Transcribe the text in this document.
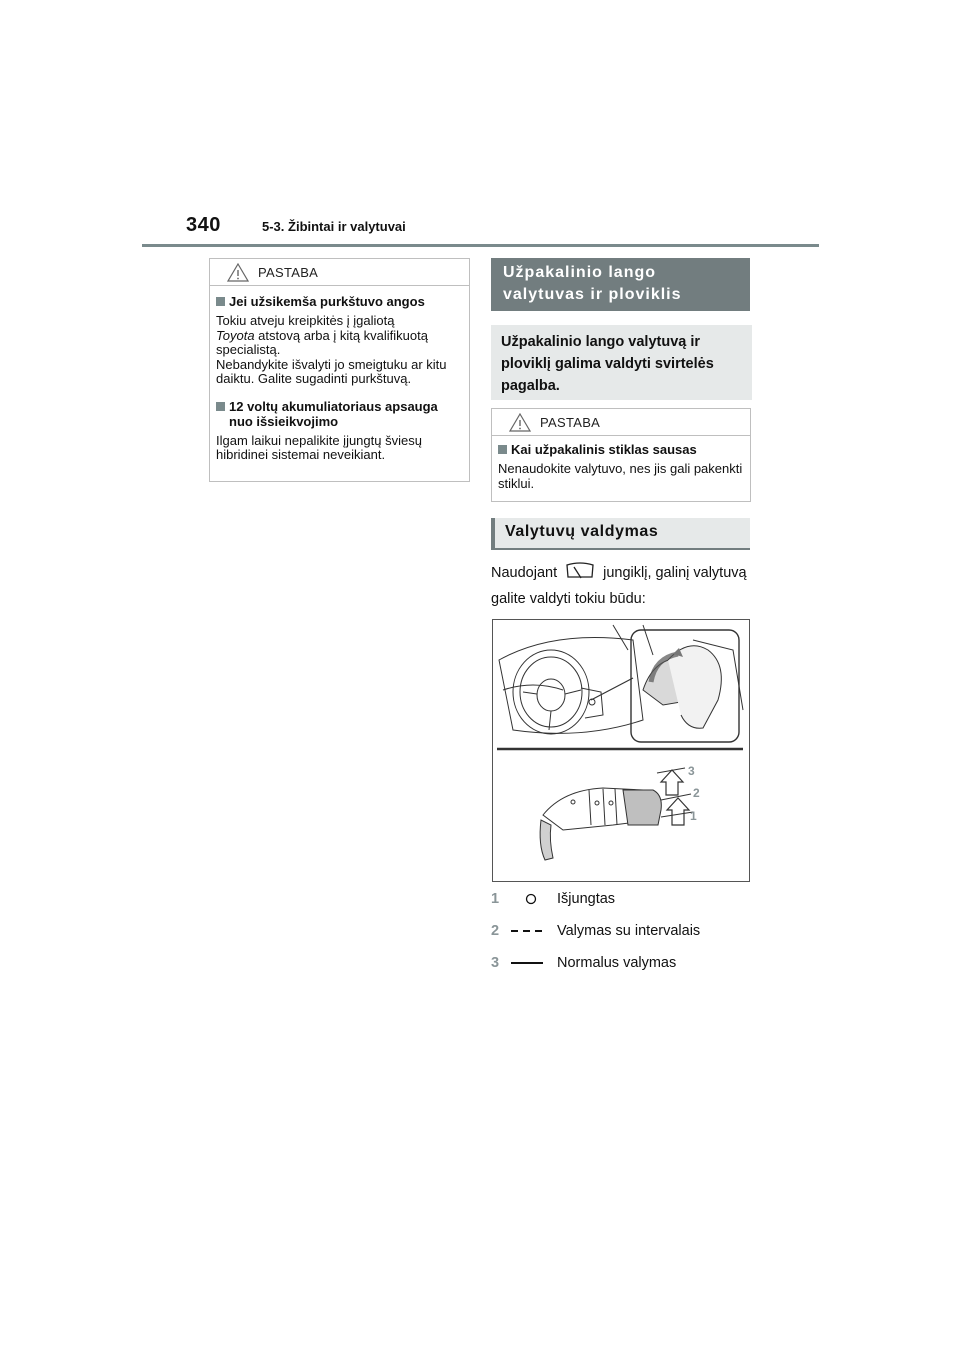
340	5-3. Žibintai ir valytuvai
PASTABA
Jei užsikemša purkštuvo angos
Tokiu atveju kreipkitės į įgaliotą
Toyota atstovą arba į kitą kvalifikuotą specialistą.
Nebandykite išvalyti jo smeigtuku ar kitu daiktu. Galite sugadinti purkštuvą.
12 voltų akumuliatoriaus apsauga nuo išsieikvojimo
Ilgam laikui nepalikite įjungtų šviesų hibridinei sistemai neveikiant.
Užpakalinio lango valytuvas ir ploviklis
Užpakalinio lango valytuvą ir ploviklį galima valdyti svirtelės pagalba.
PASTABA
Kai užpakalinis stiklas sausas
Nenaudokite valytuvo, nes jis gali pakenkti stiklui.
Valytuvų valdymas
Naudojant	jungiklį, galinį valytuvą galite valdyti tokiu būdu:
3
2
1
1	Išjungtas
2	Valymas su intervalais
3	Normalus valymas
